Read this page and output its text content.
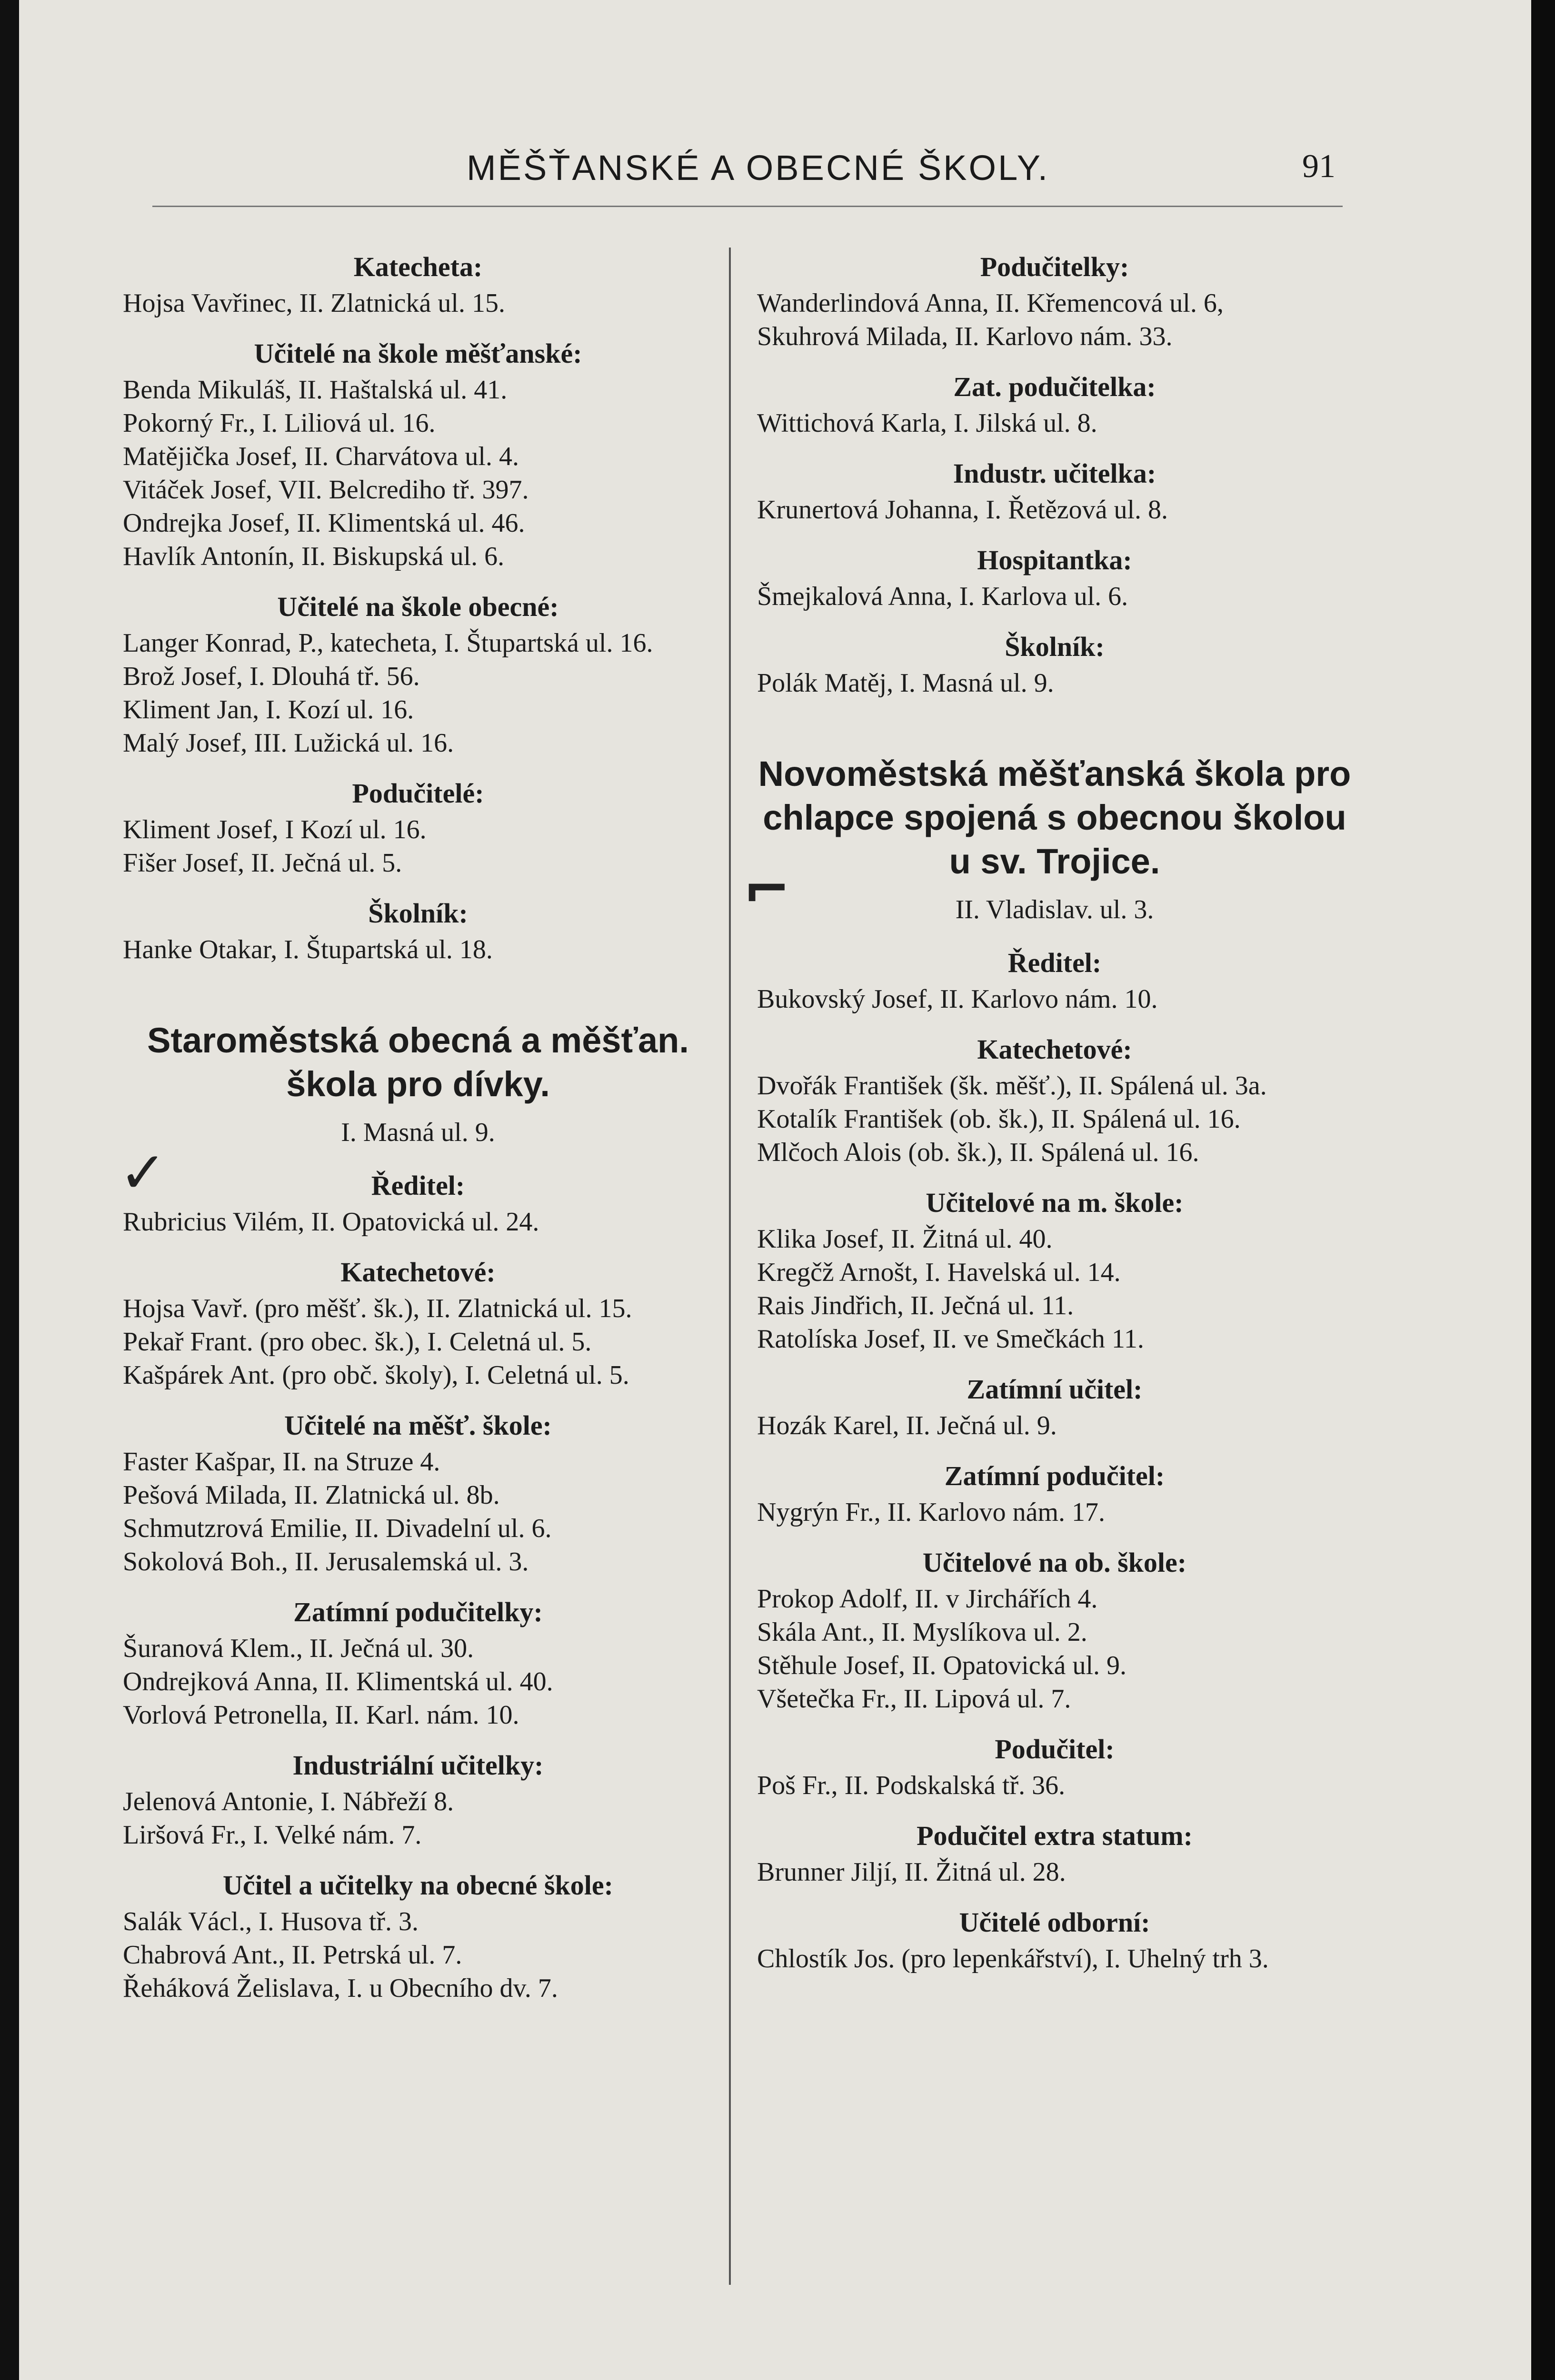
MĚŠŤANSKÉ A OBECNÉ ŠKOLY.	91
Katecheta:
Hojsa Vavřinec, II. Zlatnická ul. 15.
Učitelé na škole měšťanské:
Benda Mikuláš, II. Haštalská ul. 41.
Pokorný Fr., I. Liliová ul. 16.
Matějička Josef, II. Charvátova ul. 4.
Vitáček Josef, VII. Belcrediho tř. 397.
Ondrejka Josef, II. Klimentská ul. 46.
Havlík Antonín, II. Biskupská ul. 6.
Učitelé na škole obecné:
Langer Konrad, P., katecheta, I. Štupartská ul. 16.
Brož Josef, I. Dlouhá tř. 56.
Kliment Jan, I. Kozí ul. 16.
Malý Josef, III. Lužická ul. 16.
Podučitelé:
Kliment Josef, I Kozí ul. 16.
Fišer Josef, II. Ječná ul. 5.
Školník:
Hanke Otakar, I. Štupartská ul. 18.
Staroměstská obecná a měšťan. škola pro dívky.
I. Masná ul. 9.
Ředitel:
Rubricius Vilém, II. Opatovická ul. 24.
Katechetové:
Hojsa Vavř. (pro měšť. šk.), II. Zlatnická ul. 15.
Pekař Frant. (pro obec. šk.), I. Celetná ul. 5.
Kašpárek Ant. (pro obč. školy), I. Celetná ul. 5.
Učitelé na měšť. škole:
Faster Kašpar, II. na Struze 4.
Pešová Milada, II. Zlatnická ul. 8b.
Schmutzrová Emilie, II. Divadelní ul. 6.
Sokolová Boh., II. Jerusalemská ul. 3.
Zatímní podučitelky:
Šuranová Klem., II. Ječná ul. 30.
Ondrejková Anna, II. Klimentská ul. 40.
Vorlová Petronella, II. Karl. nám. 10.
Industriální učitelky:
Jelenová Antonie, I. Nábřeží 8.
Liršová Fr., I. Velké nám. 7.
Učitel a učitelky na obecné škole:
Salák Václ., I. Husova tř. 3.
Chabrová Ant., II. Petrská ul. 7.
Řeháková Želislava, I. u Obecního dv. 7.
Podučitelky:
Wanderlindová Anna, II. Křemencová ul. 6,
Skuhrová Milada, II. Karlovo nám. 33.
Zat. podučitelka:
Wittichová Karla, I. Jilská ul. 8.
Industr. učitelka:
Krunertová Johanna, I. Řetězová ul. 8.
Hospitantka:
Šmejkalová Anna, I. Karlova ul. 6.
Školník:
Polák Matěj, I. Masná ul. 9.
Novoměstská měšťanská škola pro chlapce spojená s obecnou školou u sv. Trojice.
II. Vladislav. ul. 3.
Ředitel:
Bukovský Josef, II. Karlovo nám. 10.
Katechetové:
Dvořák František (šk. měšť.), II. Spálená ul. 3a.
Kotalík František (ob. šk.), II. Spálená ul. 16.
Mlčoch Alois (ob. šk.), II. Spálená ul. 16.
Učitelové na m. škole:
Klika Josef, II. Žitná ul. 40.
Kregčž Arnošt, I. Havelská ul. 14.
Rais Jindřich, II. Ječná ul. 11.
Ratolíska Josef, II. ve Smečkách 11.
Zatímní učitel:
Hozák Karel, II. Ječná ul. 9.
Zatímní podučitel:
Nygrýn Fr., II. Karlovo nám. 17.
Učitelové na ob. škole:
Prokop Adolf, II. v Jirchářích 4.
Skála Ant., II. Myslíkova ul. 2.
Stěhule Josef, II. Opatovická ul. 9.
Všetečka Fr., II. Lipová ul. 7.
Podučitel:
Poš Fr., II. Podskalská tř. 36.
Podučitel extra statum:
Brunner Jiljí, II. Žitná ul. 28.
Učitelé odborní:
Chlostík Jos. (pro lepenkářství), I. Uhelný trh 3.
✓
⌐
